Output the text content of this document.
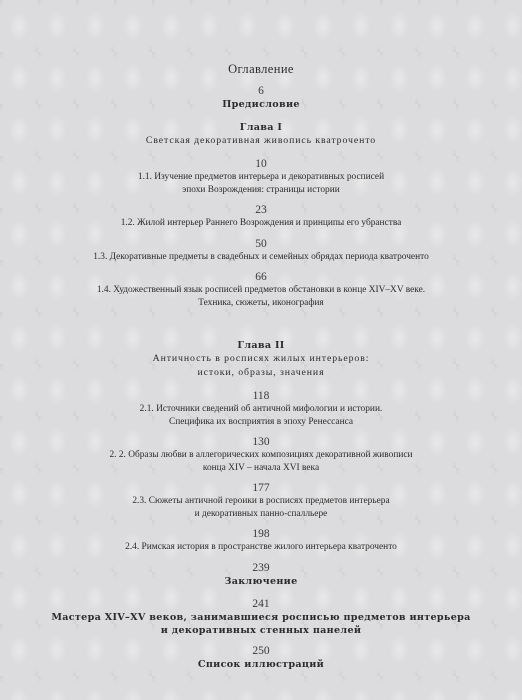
Оглавление
6
Предисловие
Глава I
Светская декоративная живопись кватроченто
10
1.1. Изучение предметов интерьера и декоративных росписей
эпохи Возрождения: страницы истории
23
1.2. Жилой интерьер Раннего Возрождения и принципы его убранства
50
1.3. Декоративные предметы в свадебных и семейных обрядах периода кватроченто
66
1.4. Художественный язык росписей предметов обстановки в конце XIV–XV веке.
Техника, сюжеты, иконография
Глава II
Античность в росписях жилых интерьеров:
истоки, образы, значения
118
2.1. Источники сведений об античной мифологии и истории.
Специфика их восприятия в эпоху Ренессанса
130
2. 2. Образы любви в аллегорических композициях декоративной живописи
конца XIV – начала XVI века
177
2.3. Сюжеты античной героики в росписях предметов интерьера
и декоративных панно-спалльере
198
2.4. Римская история в пространстве жилого интерьера кватроченто
239
Заключение
241
Мастера XIV–XV веков, занимавшиеся росписью предметов интерьера
и декоративных стенных панелей
250
Список иллюстраций
